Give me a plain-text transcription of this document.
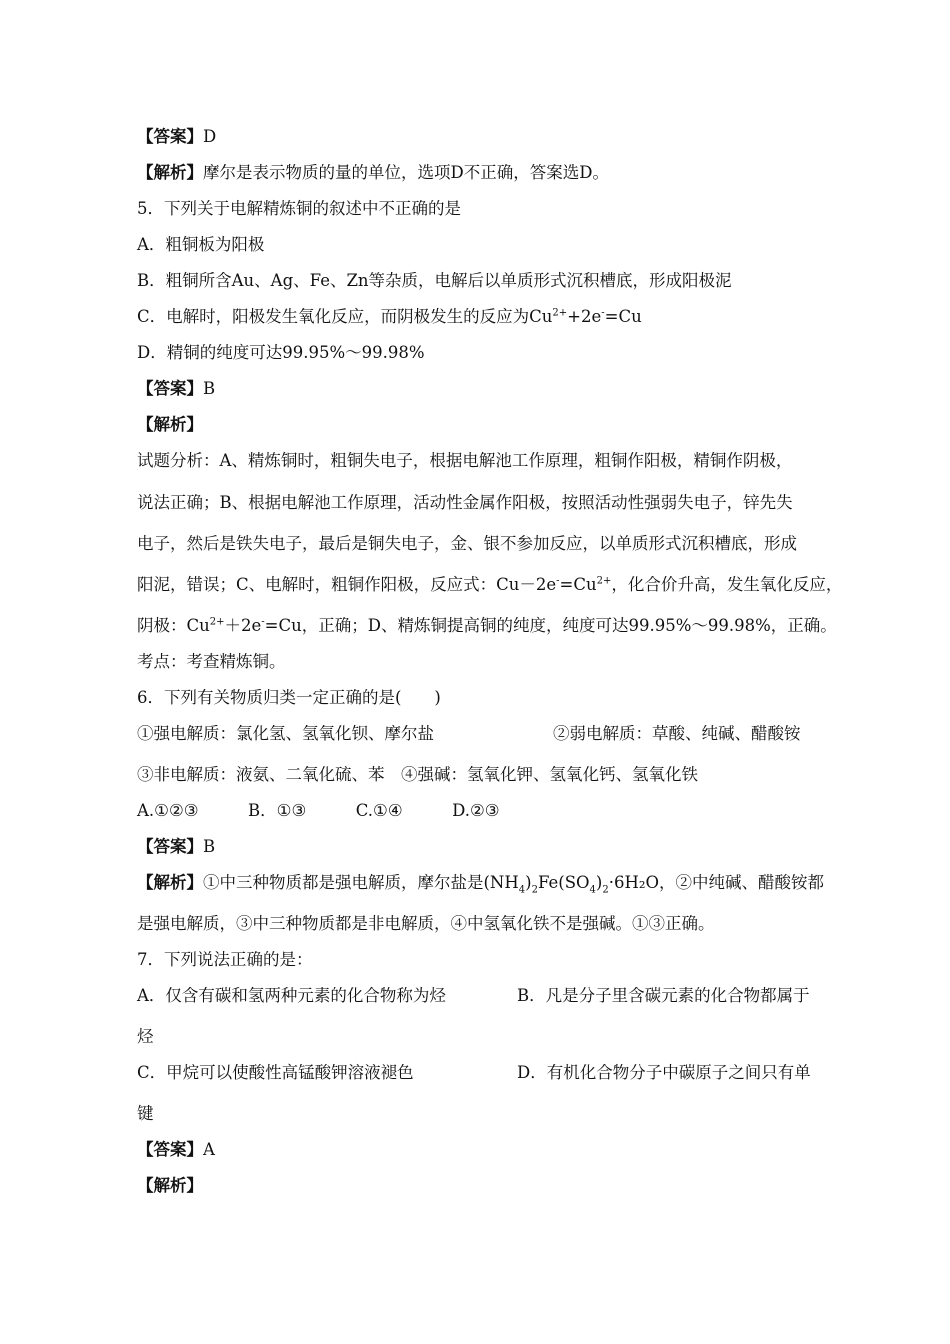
【答案】D
【解析】摩尔是表示物质的量的单位，选项D不正确，答案选D。
5．下列关于电解精炼铜的叙述中不正确的是
A．粗铜板为阳极
B．粗铜所含Au、Ag、Fe、Zn等杂质，电解后以单质形式沉积槽底，形成阳极泥
C．电解时，阳极发生氧化反应，而阴极发生的反应为$Cu^{2+}+2e^-=Cu$
D．精铜的纯度可达99.95%～99.98%
【答案】B
【解析】
试题分析：A、精炼铜时，粗铜失电子，根据电解池工作原理，粗铜作阳极，精铜作阴极，
说法正确；B、根据电解池工作原理，活动性金属作阳极，按照活动性强弱失电子，锌先失
电子，然后是铁失电子，最后是铜失电子，金、银不参加反应，以单质形式沉积槽底，形成
阳泥，错误；C、电解时，粗铜作阳极，反应式：$Cu-2e^-=Cu^{2+}$，化合价升高，发生氧化反应，
阴极：$Cu^{2+}+2e^-=Cu$，正确；D、精炼铜提高铜的纯度，纯度可达99.95%～99.98%，正确。
考点：考查精炼铜。
6．下列有关物质归类一定正确的是(　　)
①强电解质：氯化氢、氢氧化钡、摩尔盐	②弱电解质：草酸、纯碱、醋酸铵
③非电解质：液氨、二氧化硫、苯　④强碱：氢氧化钾、氢氧化钙、氢氧化铁
A.①②③　　　B．①③　　　C.①④　　　D.②③
【答案】B
【解析】①中三种物质都是强电解质，摩尔盐是$(NH_4)_2Fe(SO_4)_2\cdot 6H_2O$，②中纯碱、醋酸铵都
是强电解质，③中三种物质都是非电解质，④中氢氧化铁不是强碱。①③正确。
7．下列说法正确的是：
A．仅含有碳和氢两种元素的化合物称为烃	B．凡是分子里含碳元素的化合物都属于
烃
C．甲烷可以使酸性高锰酸钾溶液褪色	D．有机化合物分子中碳原子之间只有单
键
【答案】A
【解析】
